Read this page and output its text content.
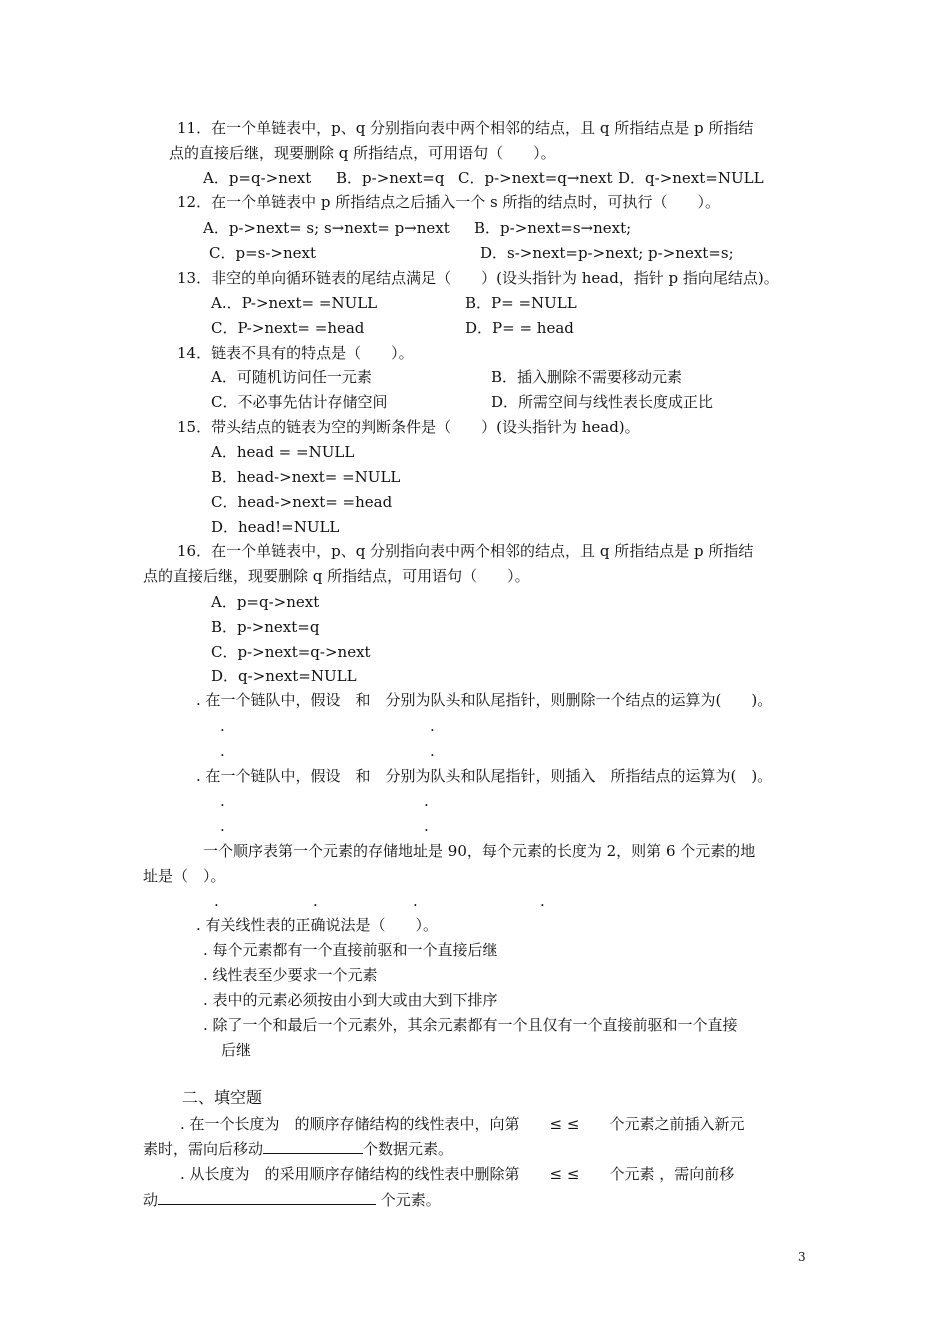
11．在一个单链表中，p、q 分别指向表中两个相邻的结点，且 q 所指结点是 p 所指结
点的直接后继，现要删除 q 所指结点，可用语句（　　）。
A．p=q->next B．p->next=q C．p->next=q→next D．q->next=NULL
12．在一个单链表中 p 所指结点之后插入一个 s 所指的结点时，可执行（　　）。
A．p->next= s; s→next= p→next B．p->next=s→next;
C．p=s->next	D．s->next=p->next; p->next=s;
13．非空的单向循环链表的尾结点满足（　　）(设头指针为 head，指针 p 指向尾结点)。
A.．P->next= =NULL	B．P= =NULL
C．P->next= =head	D．P= = head
14．链表不具有的特点是（　　）。
A．可随机访问任一元素	B．插入删除不需要移动元素
C．不必事先估计存储空间	D．所需空间与线性表长度成正比
15．带头结点的链表为空的判断条件是（　　）(设头指针为 head)。
A．head = =NULL
B．head->next= =NULL
C．head->next= =head
D．head!=NULL
16．在一个单链表中，p、q 分别指向表中两个相邻的结点，且 q 所指结点是 p 所指结
点的直接后继，现要删除 q 所指结点，可用语句（　　）。
A．p=q->next
B．p->next=q
C．p->next=q->next
D．q->next=NULL
. 在一个链队中，假设　和　分别为队头和队尾指针，则删除一个结点的运算为(　　)。
.	.
.	.
. 在一个链队中，假设　和　分别为队头和队尾指针，则插入　所指结点的运算为(　)。
.	.
.	.
一个顺序表第一个元素的存储地址是 90，每个元素的长度为 2，则第 6 个元素的地
址是（　）。
.	.	.	.
. 有关线性表的正确说法是（　　）。
. 每个元素都有一个直接前驱和一个直接后继
. 线性表至少要求一个元素
. 表中的元素必须按由小到大或由大到下排序
. 除了一个和最后一个元素外，其余元素都有一个且仅有一个直接前驱和一个直接
后继
二、填空题
. 在一个长度为　的顺序存储结构的线性表中，向第　　≤ ≤　　个元素之前插入新元
素时，需向后移动	个数据元素。
. 从长度为　的采用顺序存储结构的线性表中删除第　　≤ ≤　　个元素 ，需向前移
动	个元素。
3
